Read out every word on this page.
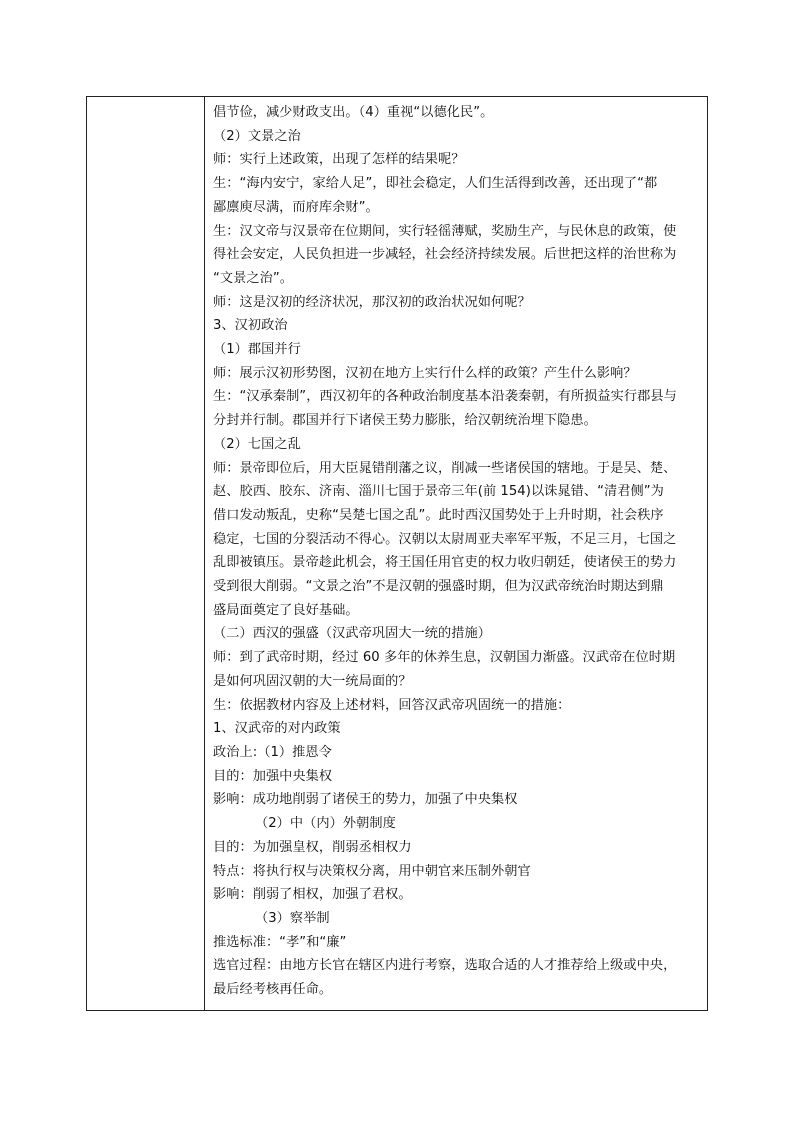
倡节俭，减少财政支出。（4）重视“以德化民”。
（2）文景之治
师：实行上述政策，出现了怎样的结果呢？
生：“海内安宁，家给人足”，即社会稳定，人们生活得到改善，还出现了“都
鄙廪庾尽满，而府库余财”。
生：汉文帝与汉景帝在位期间，实行轻徭薄赋，奖励生产，与民休息的政策，使
得社会安定，人民负担进一步减轻，社会经济持续发展。后世把这样的治世称为
“文景之治”。
师：这是汉初的经济状况，那汉初的政治状况如何呢？
3、汉初政治
（1）郡国并行
师：展示汉初形势图，汉初在地方上实行什么样的政策？产生什么影响？
生：“汉承秦制”，西汉初年的各种政治制度基本沿袭秦朝，有所损益实行郡县与
分封并行制。郡国并行下诸侯王势力膨胀，给汉朝统治埋下隐患。
（2）七国之乱
师：景帝即位后，用大臣晁错削藩之议，削减一些诸侯国的辖地。于是吴、楚、
赵、胶西、胶东、济南、淄川七国于景帝三年(前 154)以诛晁错、“清君侧”为
借口发动叛乱，史称“吴楚七国之乱”。此时西汉国势处于上升时期，社会秩序
稳定，七国的分裂活动不得心。汉朝以太尉周亚夫率军平叛，不足三月，七国之
乱即被镇压。景帝趁此机会，将王国任用官吏的权力收归朝廷，使诸侯王的势力
受到很大削弱。“文景之治”不是汉朝的强盛时期，但为汉武帝统治时期达到鼎
盛局面奠定了良好基础。
（二）西汉的强盛（汉武帝巩固大一统的措施）
师：到了武帝时期，经过 60 多年的休养生息，汉朝国力渐盛。汉武帝在位时期
是如何巩固汉朝的大一统局面的？
生：依据教材内容及上述材料，回答汉武帝巩固统一的措施：
1、汉武帝的对内政策
政治上:（1）推恩令
目的：加强中央集权
影响：成功地削弱了诸侯王的势力，加强了中央集权
（2）中（内）外朝制度
目的：为加强皇权，削弱丞相权力
特点：将执行权与决策权分离，用中朝官来压制外朝官
影响：削弱了相权，加强了君权。
（3）察举制
推选标准：“孝”和“廉”
选官过程：由地方长官在辖区内进行考察，选取合适的人才推荐给上级或中央，
最后经考核再任命。
